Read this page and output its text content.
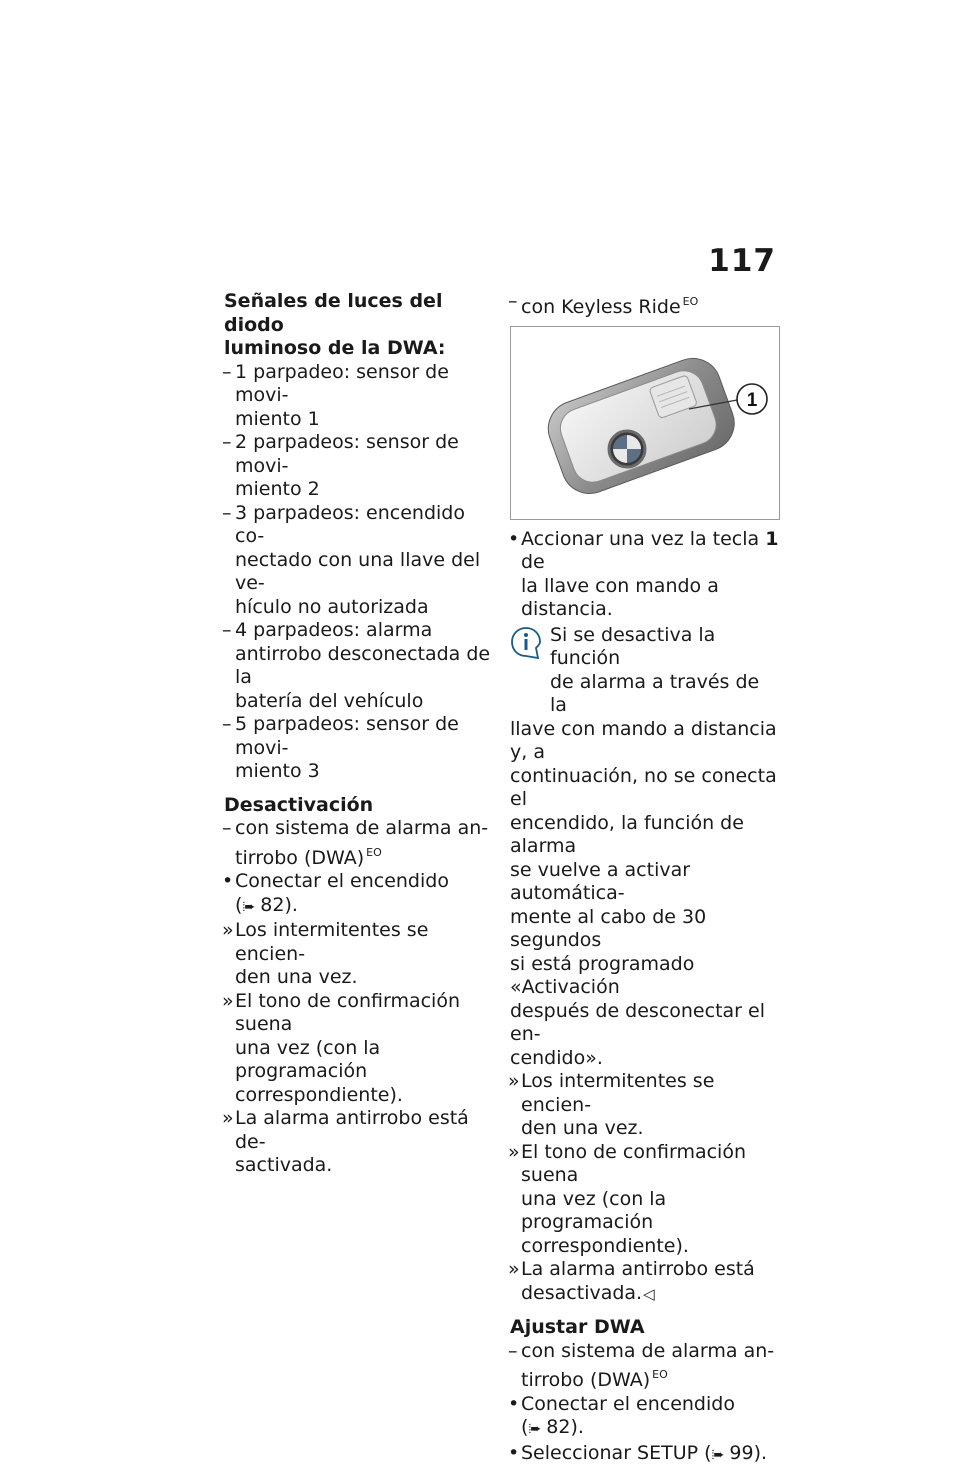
117

Señales de luces del diodo
luminoso de la DWA:

– 1 parpadeo: sensor de movi-
miento 1

– 2 parpadeos: sensor de movi-
miento 2

– 3 parpadeos: encendido co-
nectado con una llave del ve-
hículo no autorizada

– 4 parpadeos: alarma
antirrobo desconectada de la
batería del vehículo

– 5 parpadeos: sensor de movi-
miento 3

Desactivación

– con sistema de alarma an-
tirrobo (DWA) $^{EO}$

• Conectar el encendido
(⦙➨ 82).

» Los intermitentes se encien-
den una vez.

» El tono de confirmación suena
una vez (con la programación
correspondiente).

» La alarma antirrobo está de-
sactivada.

– con Keyless Ride $^{EO}$

1

• Accionar una vez la tecla 1 de
la llave con mando a distancia.

Si se desactiva la función
de alarma a través de la
llave con mando a distancia y, a
continuación, no se conecta el
encendido, la función de alarma
se vuelve a activar automática-
mente al cabo de 30 segundos
si está programado «Activación
después de desconectar el en-
cendido».

» Los intermitentes se encien-
den una vez.

» El tono de confirmación suena
una vez (con la programación
correspondiente).

» La alarma antirrobo está
desactivada.◁

Ajustar DWA

– con sistema de alarma an-
tirrobo (DWA) $^{EO}$

• Conectar el encendido
(⦙➨ 82).

• Seleccionar SETUP (⦙➨ 99).
